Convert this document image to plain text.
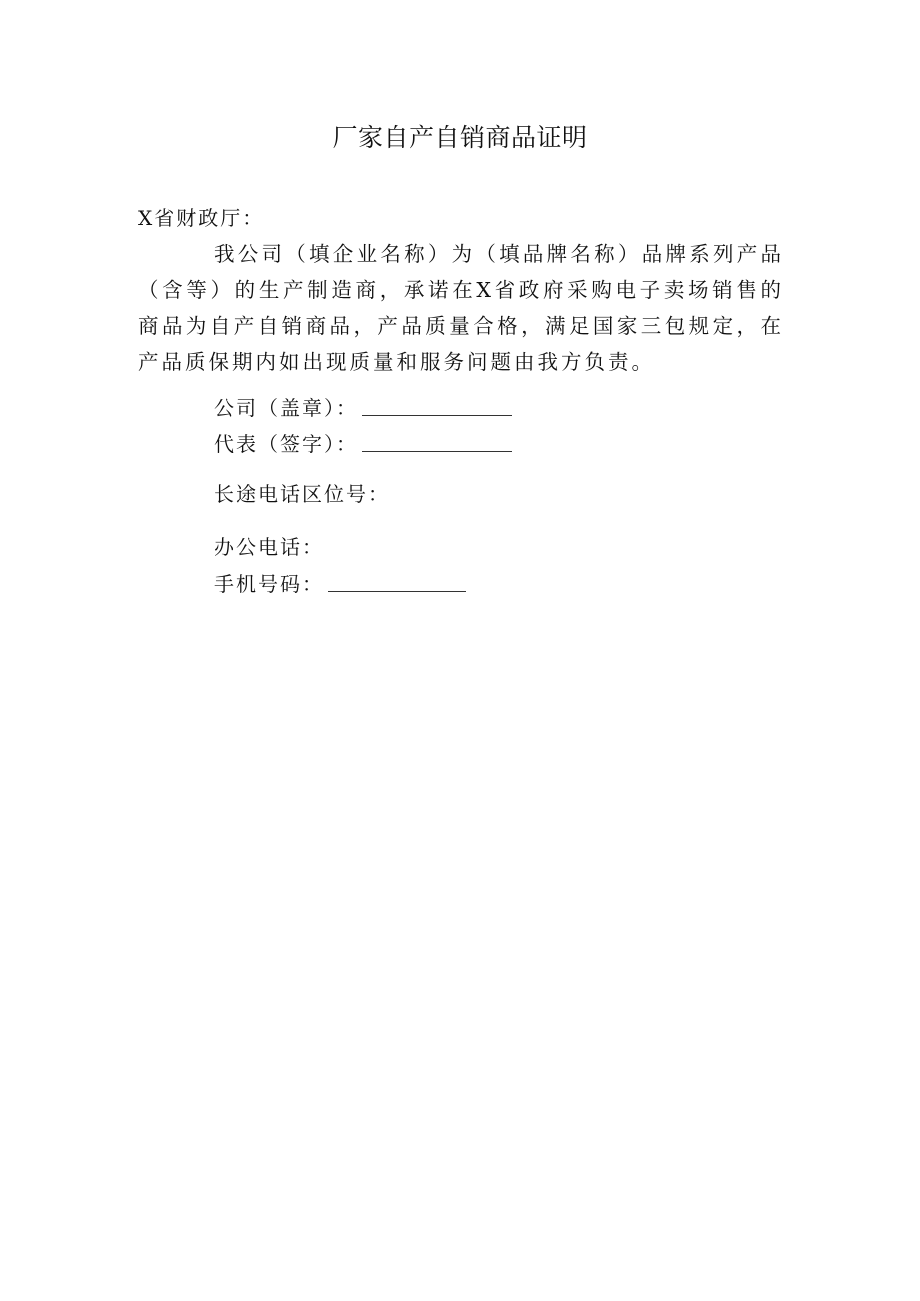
厂家自产自销商品证明
X省财政厅：

我公司（填企业名称）为（填品牌名称）品牌系列产品（含等）的生产制造商，承诺在X省政府采购电子卖场销售的商品为自产自销商品，产品质量合格，满足国家三包规定，在产品质保期内如出现质量和服务问题由我方负责。

公司（盖章）：
代表（签字）：
长途电话区位号：
办公电话：
手机号码：
